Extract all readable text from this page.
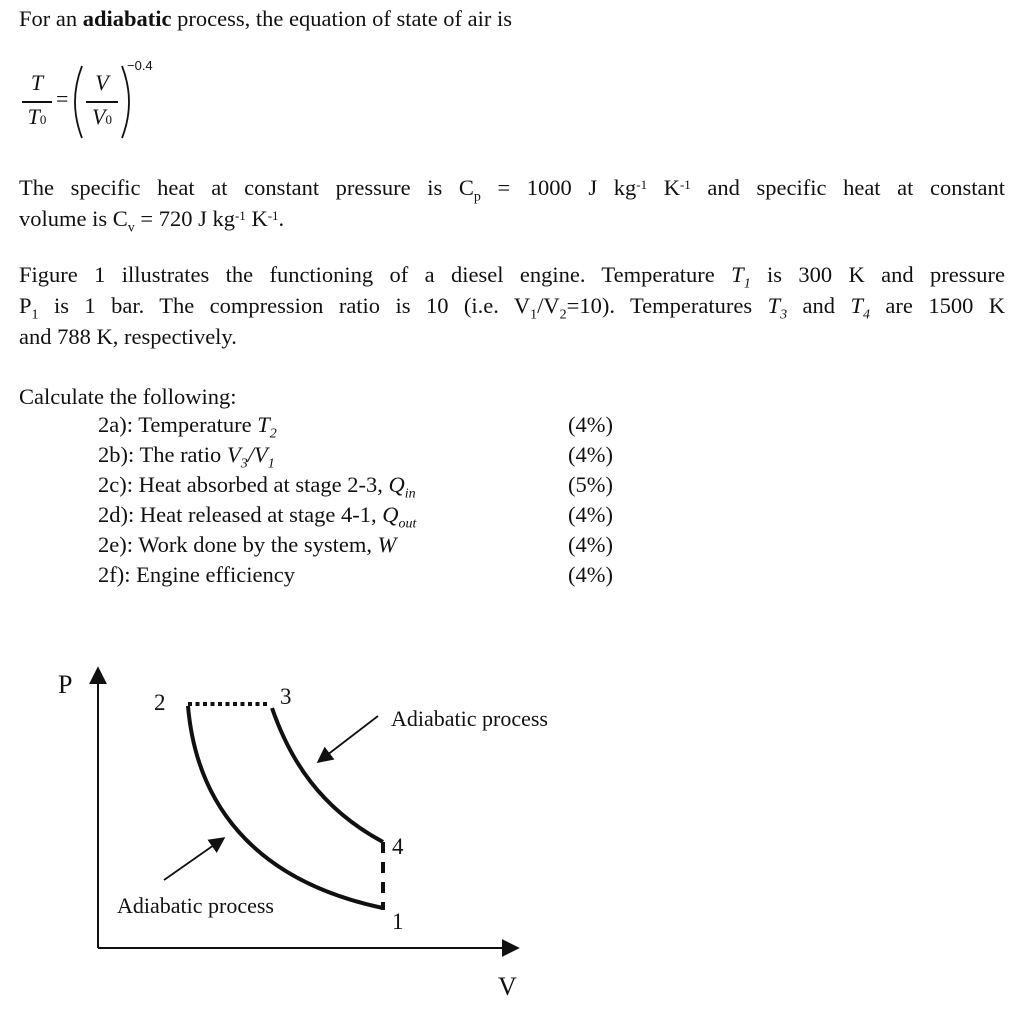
For an adiabatic process, the equation of state of air is
T
T0
=
V
V0
−0.4
The specific heat at constant pressure is $C_p = 1000$ J $kg^{-1}$ $K^{-1}$ and specific heat at constant
volume is $C_v = 720$ J $kg^{-1}$ $K^{-1}$.
Figure 1 illustrates the functioning of a diesel engine. Temperature $T_1$ is 300 K and pressure
$P_1$ is 1 bar. The compression ratio is 10 (i.e. $V_1/V_2=10$). Temperatures $T_3$ and $T_4$ are 1500 K
and 788 K, respectively.
Calculate the following:
2a): Temperature $T_2$	(4%)
2b): The ratio $V_3/V_1$	(4%)
2c): Heat absorbed at stage 2-3, $Q_{in}$	(5%)
2d): Heat released at stage 4-1, $Q_{out}$	(4%)
2e): Work done by the system, W	(4%)
2f): Engine efficiency	(4%)
P
V
2	3
4
1
Adiabatic process
Adiabatic process
